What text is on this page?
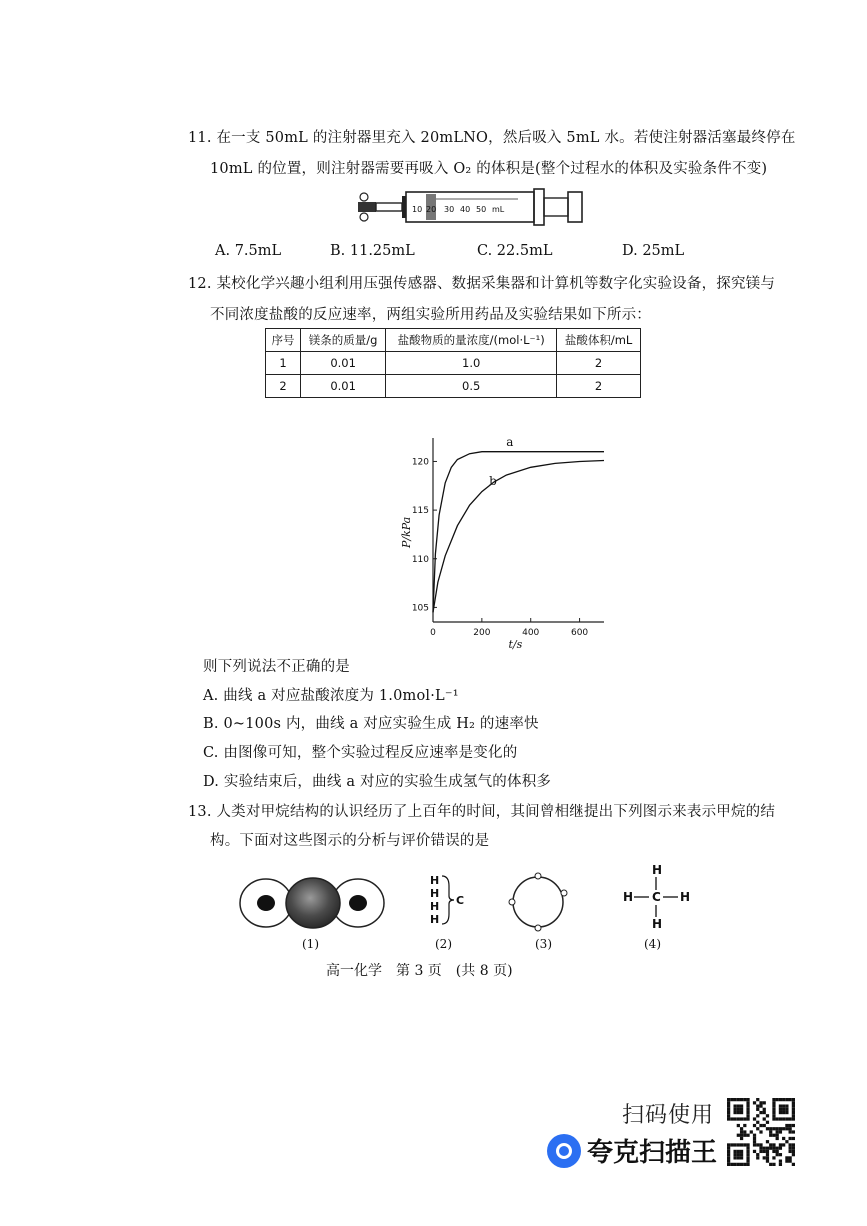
11. 在一支 50mL 的注射器里充入 20mLNO，然后吸入 5mL 水。若使注射器活塞最终停在
10mL 的位置，则注射器需要再吸入 O₂ 的体积是(整个过程水的体积及实验条件不变)
10 20 30 40 50 mL
A. 7.5mL	B. 11.25mL	C. 22.5mL	D. 25mL
12. 某校化学兴趣小组利用压强传感器、数据采集器和计算机等数字化实验设备，探究镁与
不同浓度盐酸的反应速率，两组实验所用药品及实验结果如下所示：
序号	镁条的质量/g	盐酸物质的量浓度/(mol·L⁻¹)	盐酸体积/mL
1	0.01	1.0	2
2	0.01	0.5	2
0	200	400	600
105
110
115
120
t/s
P/kPa
a
b
则下列说法不正确的是
A. 曲线 a 对应盐酸浓度为 1.0mol·L⁻¹
B. 0~100s 内，曲线 a 对应实验生成 H₂ 的速率快
C. 由图像可知，整个实验过程反应速率是变化的
D. 实验结束后，曲线 a 对应的实验生成氢气的体积多
13. 人类对甲烷结构的认识经历了上百年的时间，其间曾相继提出下列图示来表示甲烷的结
构。下面对这些图示的分析与评价错误的是
H
H
H
H
C
H
H C H
H
(1)	(2)	(3)	(4)
高一化学　第 3 页　(共 8 页)
扫码使用
夸克扫描王
